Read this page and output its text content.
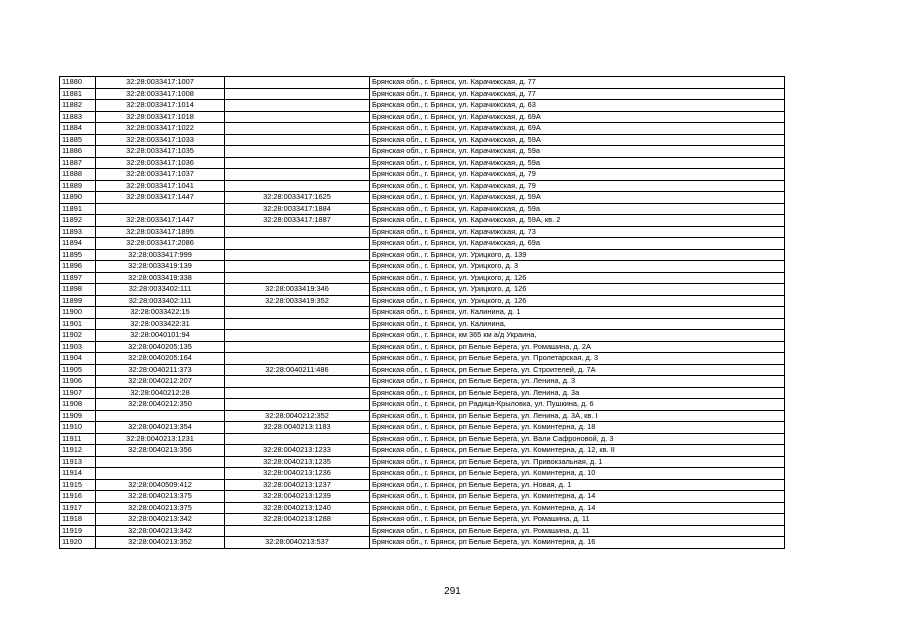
11880	32:28:0033417:1007		Брянская обл., г. Брянск, ул. Карачижская, д. 77
11881	32:28:0033417:1008		Брянская обл., г. Брянск, ул. Карачижская, д. 77
11882	32:28:0033417:1014		Брянская обл., г. Брянск, ул. Карачижская, д. 63
11883	32:28:0033417:1018		Брянская обл., г. Брянск, ул. Карачижская, д. 69А
11884	32:28:0033417:1022		Брянская обл., г. Брянск, ул. Карачижская, д. 69А
11885	32:28:0033417:1033		Брянская обл., г. Брянск, ул. Карачижская, д. 59А
11886	32:28:0033417:1035		Брянская обл., г. Брянск, ул. Карачижская, д. 59а
11887	32:28:0033417:1036		Брянская обл., г. Брянск, ул. Карачижская, д. 59а
11888	32:28:0033417:1037		Брянская обл., г. Брянск, ул. Карачижская, д. 79
11889	32:28:0033417:1041		Брянская обл., г. Брянск, ул. Карачижская, д. 79
11890	32:28:0033417:1447	32:28:0033417:1625	Брянская обл., г. Брянск, ул. Карачижская, д. 59А
11891		32:28:0033417:1884	Брянская обл., г. Брянск, ул. Карачижская, д. 59а
11892	32:28:0033417:1447	32:28:0033417:1887	Брянская обл., г. Брянск, ул. Карачижская, д. 59А, кв. 2
11893	32:28:0033417:1895		Брянская обл., г. Брянск, ул. Карачижская, д. 73
11894	32:28:0033417:2086		Брянская обл., г. Брянск, ул. Карачижская, д. 69а
11895	32:28:0033417:999		Брянская обл., г. Брянск, ул. Урицкого, д. 139
11896	32:28:0033419:139		Брянская обл., г. Брянск, ул. Урицкого, д. 3
11897	32:28:0033419:338		Брянская обл., г. Брянск, ул. Урицкого, д. 126
11898	32:28:0033402:111	32:28:0033419:346	Брянская обл., г. Брянск, ул. Урицкого, д. 126
11899	32:28:0033402:111	32:28:0033419:352	Брянская обл., г. Брянск, ул. Урицкого, д. 126
11900	32:28:0033422:15		Брянская обл., г. Брянск, ул. Калинина, д. 1
11901	32:28:0033422:31		Брянская обл., г. Брянск, ул. Калинина,
11902	32:28:0040101:94		Брянская обл., г. Брянск, км 365 км а/д Украина,
11903	32:28:0040205:135		Брянская обл., г. Брянск, рп Белые Берега, ул. Ромашина, д. 2А
11904	32:28:0040205:164		Брянская обл., г. Брянск, рп Белые Берега, ул. Пролетарская, д. 3
11905	32:28:0040211:373	32:28:0040211:486	Брянская обл., г. Брянск, рп Белые Берега, ул. Строителей, д. 7А
11906	32:28:0040212:207		Брянская обл., г. Брянск, рп Белые Берега, ул. Ленина, д. 3
11907	32:28:0040212:28		Брянская обл., г. Брянск, рп Белые Берега, ул. Ленина, д. 3а
11908	32:28:0040212:350		Брянская обл., г. Брянск, рп Радица-Крыловка, ул. Пушкина, д. 6
11909		32:28:0040212:352	Брянская обл., г. Брянск, рп Белые Берега, ул. Ленина, д. 3А, кв. I
11910	32:28:0040213:354	32:28:0040213:1183	Брянская обл., г. Брянск, рп Белые Берега, ул. Коминтерна, д. 18
11911	32:28:0040213:1231		Брянская обл., г. Брянск, рп Белые Берега, ул. Вали Сафроновой, д. 3
11912	32:28:0040213:356	32:28:0040213:1233	Брянская обл., г. Брянск, рп Белые Берега, ул. Коминтерна, д. 12, кв. II
11913		32:28:0040213:1235	Брянская обл., г. Брянск, рп Белые Берега, ул. Привокзальная, д. 1
11914		32:28:0040213:1236	Брянская обл., г. Брянск, рп Белые Берега, ул. Коминтерна, д. 10
11915	32:28:0040509:412	32:28:0040213:1237	Брянская обл., г. Брянск, рп Белые Берега, ул. Новая, д. 1
11916	32:28:0040213:375	32:28:0040213:1239	Брянская обл., г. Брянск, рп Белые Берега, ул. Коминтерна, д. 14
11917	32:28:0040213:375	32:28:0040213:1240	Брянская обл., г. Брянск, рп Белые Берега, ул. Коминтерна, д. 14
11918	32:28:0040213:342	32:28:0040213:1288	Брянская обл., г. Брянск, рп Белые Берега, ул. Ромашина, д. 11
11919	32:28:0040213:342		Брянская обл., г. Брянск, рп Белые Берега, ул. Ромашина, д. 11
11920	32:28:0040213:352	32:28:0040213:537	Брянская обл., г. Брянск, рп Белые Берега, ул. Коминтерна, д. 16
291
